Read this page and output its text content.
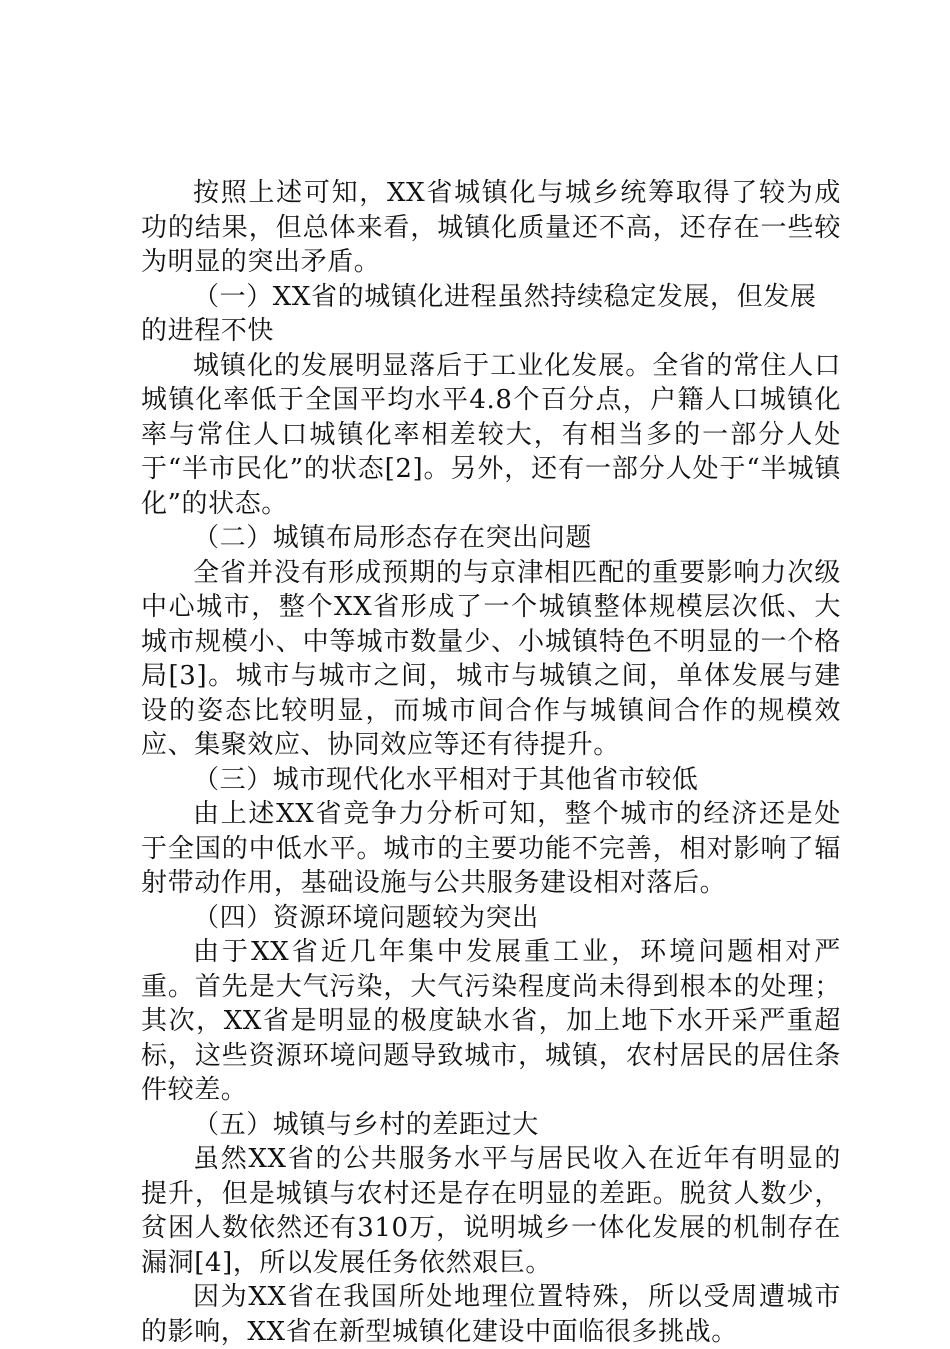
按照上述可知，XX省城镇化与城乡统筹取得了较为成功的结果，但总体来看，城镇化质量还不高，还存在一些较为明显的突出矛盾。

（一）XX省的城镇化进程虽然持续稳定发展，但发展的进程不快

城镇化的发展明显落后于工业化发展。全省的常住人口城镇化率低于全国平均水平4.8个百分点，户籍人口城镇化率与常住人口城镇化率相差较大，有相当多的一部分人处于“半市民化”的状态[2]。另外，还有一部分人处于“半城镇化”的状态。

（二）城镇布局形态存在突出问题

全省并没有形成预期的与京津相匹配的重要影响力次级中心城市，整个XX省形成了一个城镇整体规模层次低、大城市规模小、中等城市数量少、小城镇特色不明显的一个格局[3]。城市与城市之间，城市与城镇之间，单体发展与建设的姿态比较明显，而城市间合作与城镇间合作的规模效应、集聚效应、协同效应等还有待提升。

（三）城市现代化水平相对于其他省市较低

由上述XX省竞争力分析可知，整个城市的经济还是处于全国的中低水平。城市的主要功能不完善，相对影响了辐射带动作用，基础设施与公共服务建设相对落后。

（四）资源环境问题较为突出

由于XX省近几年集中发展重工业，环境问题相对严重。首先是大气污染，大气污染程度尚未得到根本的处理；其次，XX省是明显的极度缺水省，加上地下水开采严重超标，这些资源环境问题导致城市，城镇，农村居民的居住条件较差。

（五）城镇与乡村的差距过大

虽然XX省的公共服务水平与居民收入在近年有明显的提升，但是城镇与农村还是存在明显的差距。脱贫人数少，贫困人数依然还有310万，说明城乡一体化发展的机制存在漏洞[4]，所以发展任务依然艰巨。

因为XX省在我国所处地理位置特殊，所以受周遭城市的影响，XX省在新型城镇化建设中面临很多挑战。
